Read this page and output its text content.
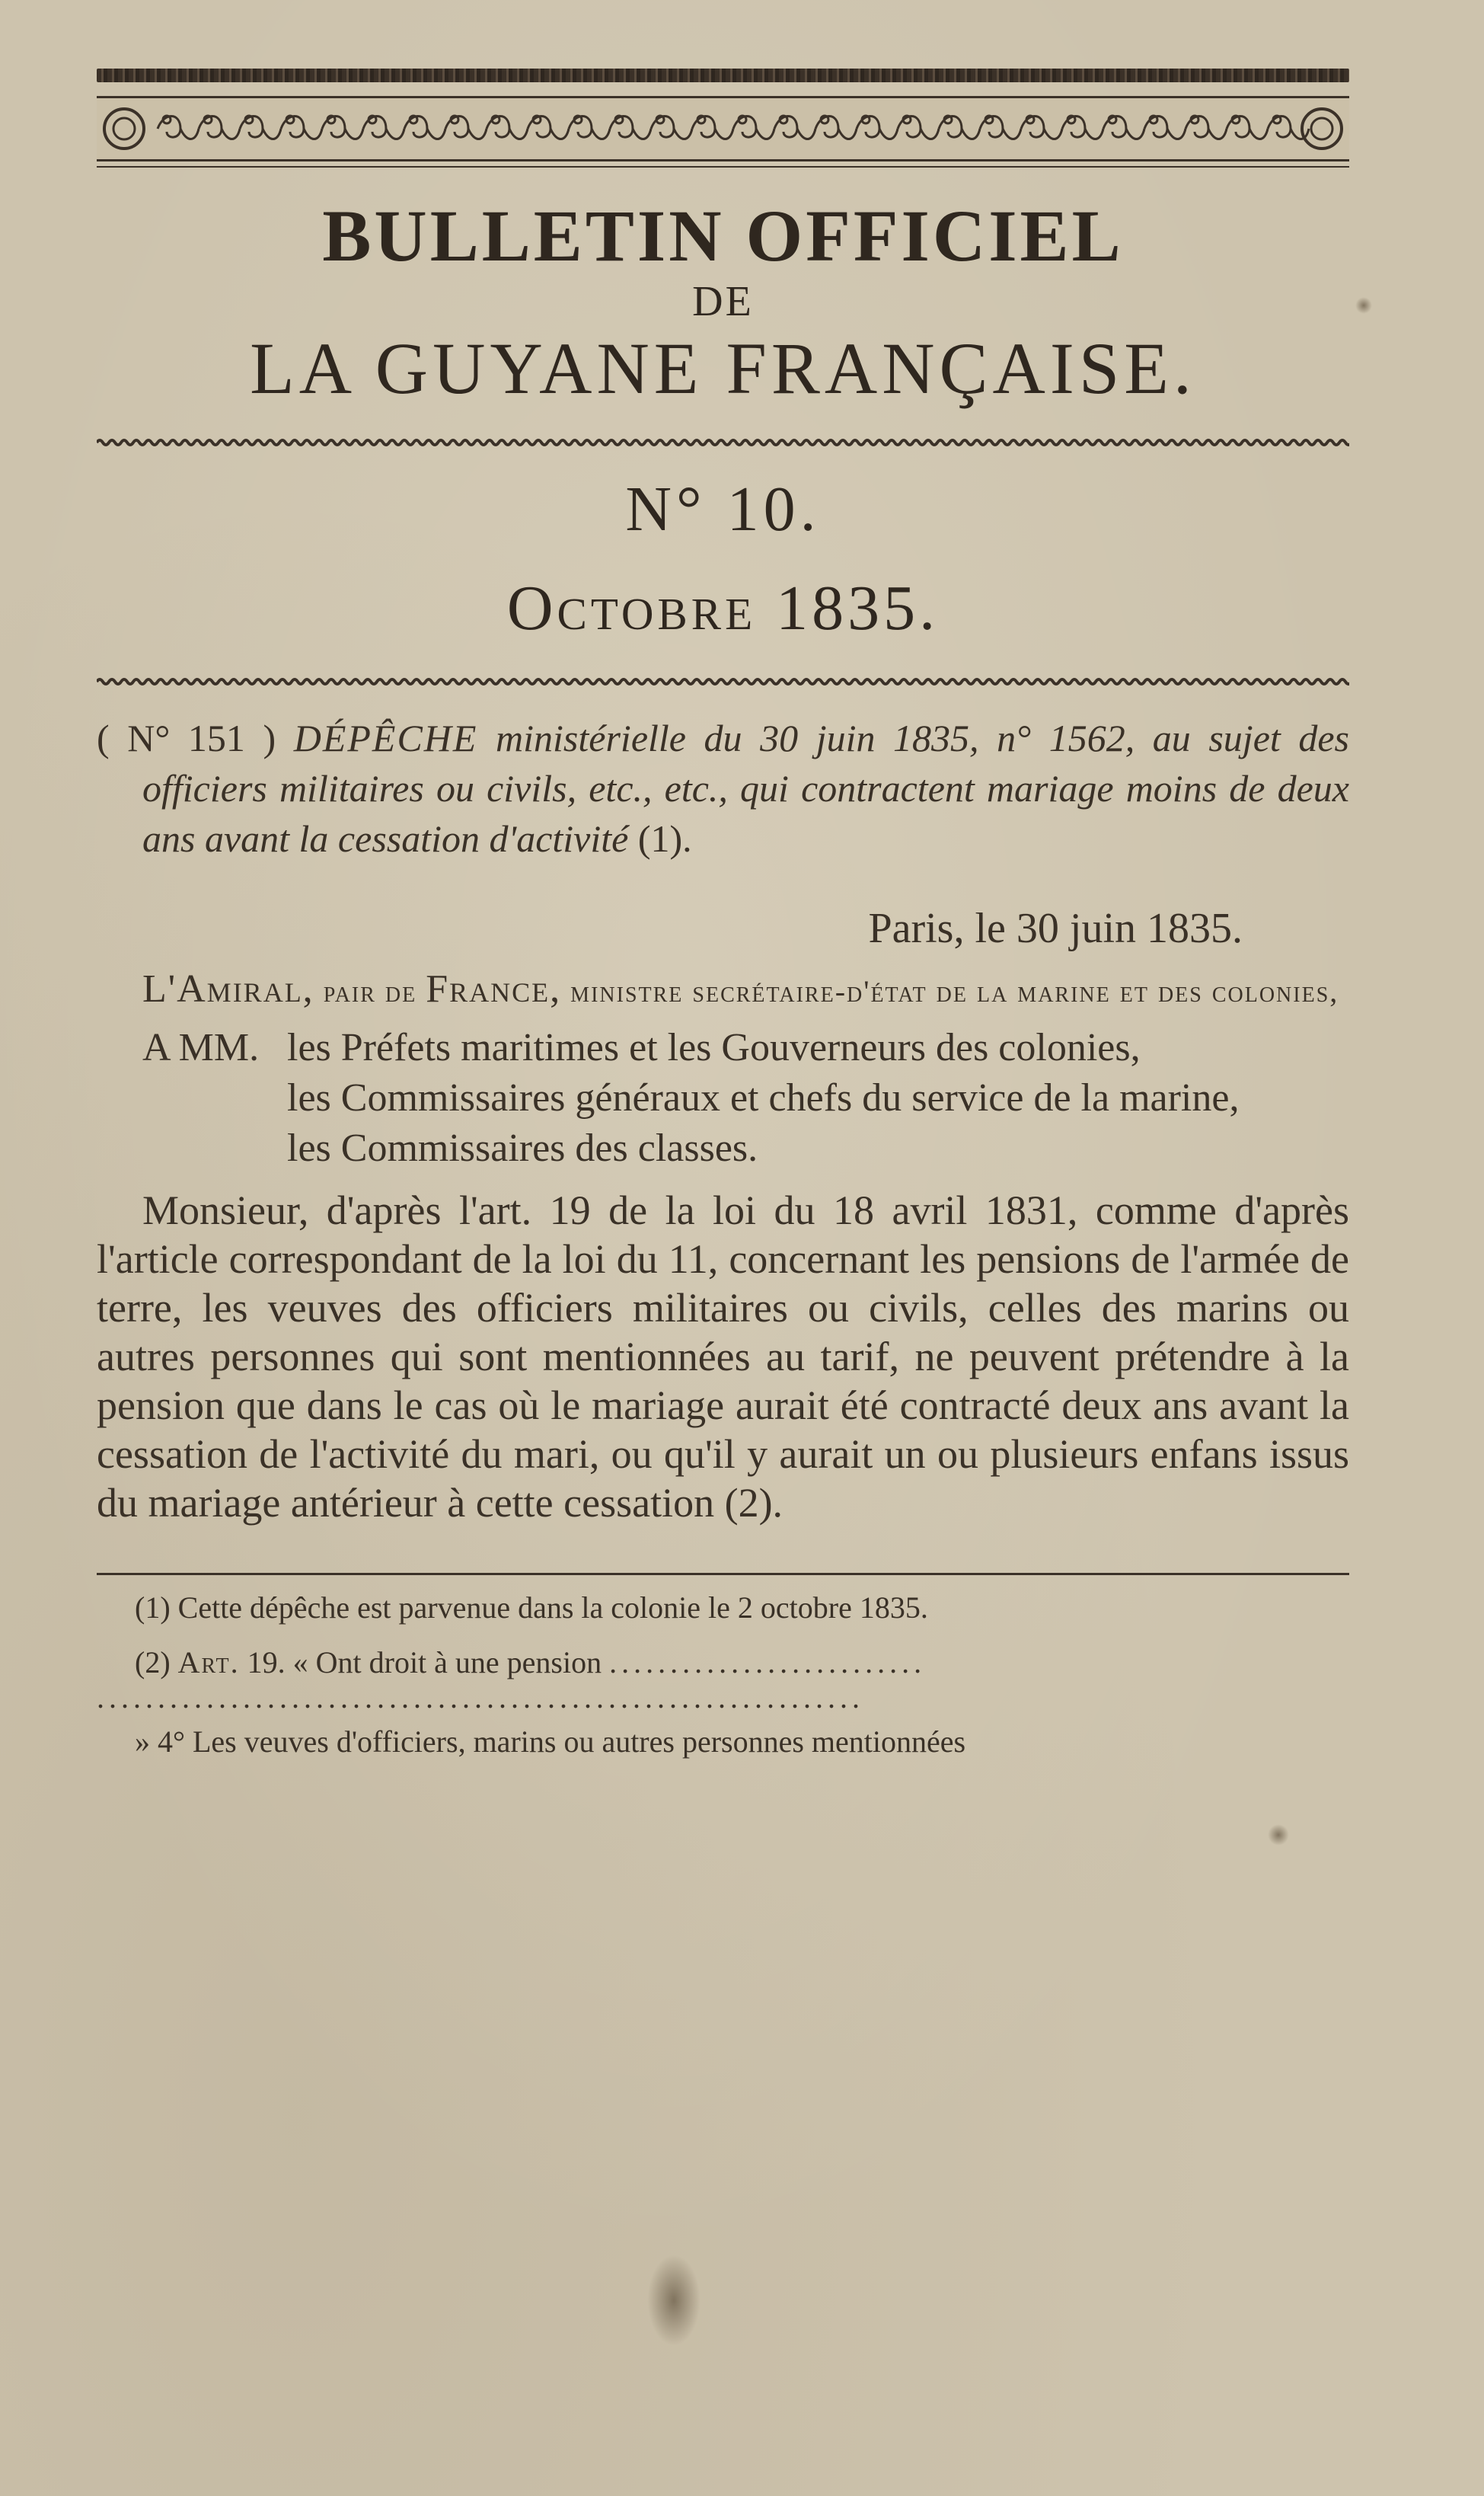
BULLETIN OFFICIEL
DE
LA GUYANE FRANÇAISE.
N° 10.
Octobre 1835.

( N° 151 ) DÉPÊCHE ministérielle du 30 juin 1835, n° 1562, au sujet des officiers militaires ou civils, etc., etc., qui contractent mariage moins de deux ans avant la cessation d'activité (1).

Paris, le 30 juin 1835.
L'Amiral, pair de France, ministre secrétaire-d'état de la marine et des colonies,
A MM. les Préfets maritimes et les Gouverneurs des colonies,
les Commissaires généraux et chefs du service de la marine,
les Commissaires des classes.

Monsieur, d'après l'art. 19 de la loi du 18 avril 1831, comme d'après l'article correspondant de la loi du 11, concernant les pensions de l'armée de terre, les veuves des officiers militaires ou civils, celles des marins ou autres personnes qui sont mentionnées au tarif, ne peuvent prétendre à la pension que dans le cas où le mariage aurait été contracté deux ans avant la cessation de l'activité du mari, ou qu'il y aurait un ou plusieurs enfans issus du mariage antérieur à cette cessation (2).

(1) Cette dépêche est parvenue dans la colonie le 2 octobre 1835.
(2) Art. 19. « Ont droit à une pension ..........................
...............................................................
» 4° Les veuves d'officiers, marins ou autres personnes mentionnées
